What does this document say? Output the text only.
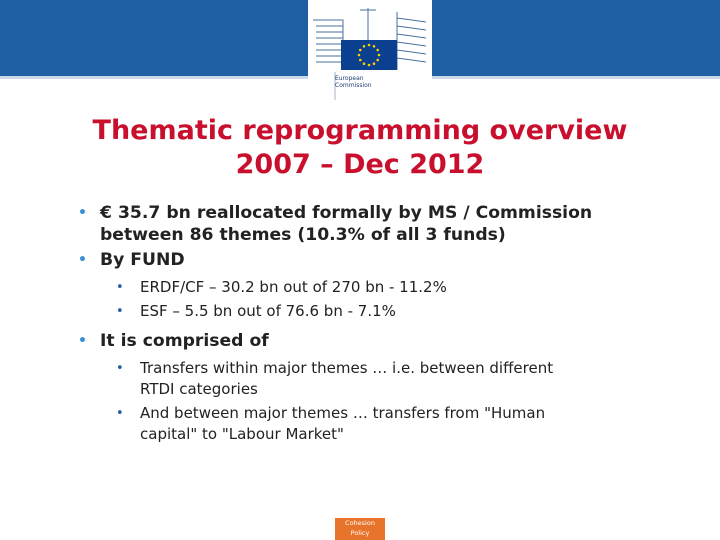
European
Commission
Thematic reprogramming overview
2007 – Dec 2012
• € 35.7 bn reallocated formally by MS / Commission
between 86 themes (10.3% of all 3 funds)
• By FUND
• ERDF/CF – 30.2 bn out of 270 bn - 11.2%
• ESF – 5.5 bn out of 76.6 bn - 7.1%
• It is comprised of
• Transfers within major themes … i.e. between different
RTDI categories
• And between major themes … transfers from "Human
capital" to "Labour Market"
Cohesion
Policy
